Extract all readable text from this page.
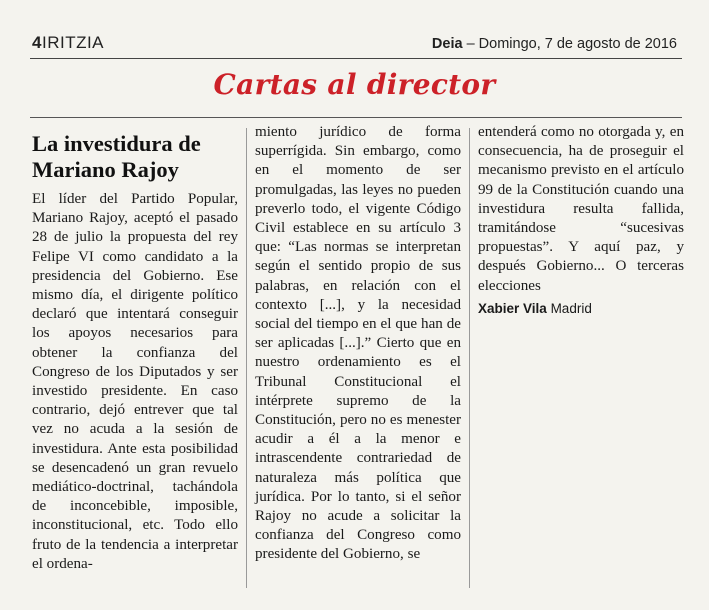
4IRITZIA	Deia – Domingo, 7 de agosto de 2016
Cartas al director
La investidura de Mariano Rajoy

El líder del Partido Popular, Mariano Rajoy, aceptó el pasado 28 de julio la propuesta del rey Felipe VI como candidato a la presidencia del Gobierno. Ese mismo día, el dirigente político declaró que intentará conseguir los apoyos necesarios para obtener la confianza del Congreso de los Diputados y ser investido presidente. En caso contrario, dejó entrever que tal vez no acuda a la sesión de investidura. Ante esta posibilidad se desencadenó un gran revuelo mediático-doctrinal, tachándola de inconcebible, imposible, inconstitucional, etc. Todo ello fruto de la tendencia a interpretar el ordena-

miento jurídico de forma superrígida. Sin embargo, como en el momento de ser promulgadas, las leyes no pueden preverlo todo, el vigente Código Civil establece en su artículo 3 que: “Las normas se interpretan según el sentido propio de sus palabras, en relación con el contexto [...], y la necesidad social del tiempo en el que han de ser aplicadas [...].” Cierto que en nuestro ordenamiento es el Tribunal Constitucional el intérprete supremo de la Constitución, pero no es menester acudir a él a la menor e intrascendente contrariedad de naturaleza más política que jurídica. Por lo tanto, si el señor Rajoy no acude a solicitar la confianza del Congreso como presidente del Gobierno, se

entenderá como no otorgada y, en consecuencia, ha de proseguir el mecanismo previsto en el artículo 99 de la Constitución cuando una investidura resulta fallida, tramitándose “sucesivas propuestas”. Y aquí paz, y después Gobierno... O terceras elecciones

Xabier Vila Madrid
